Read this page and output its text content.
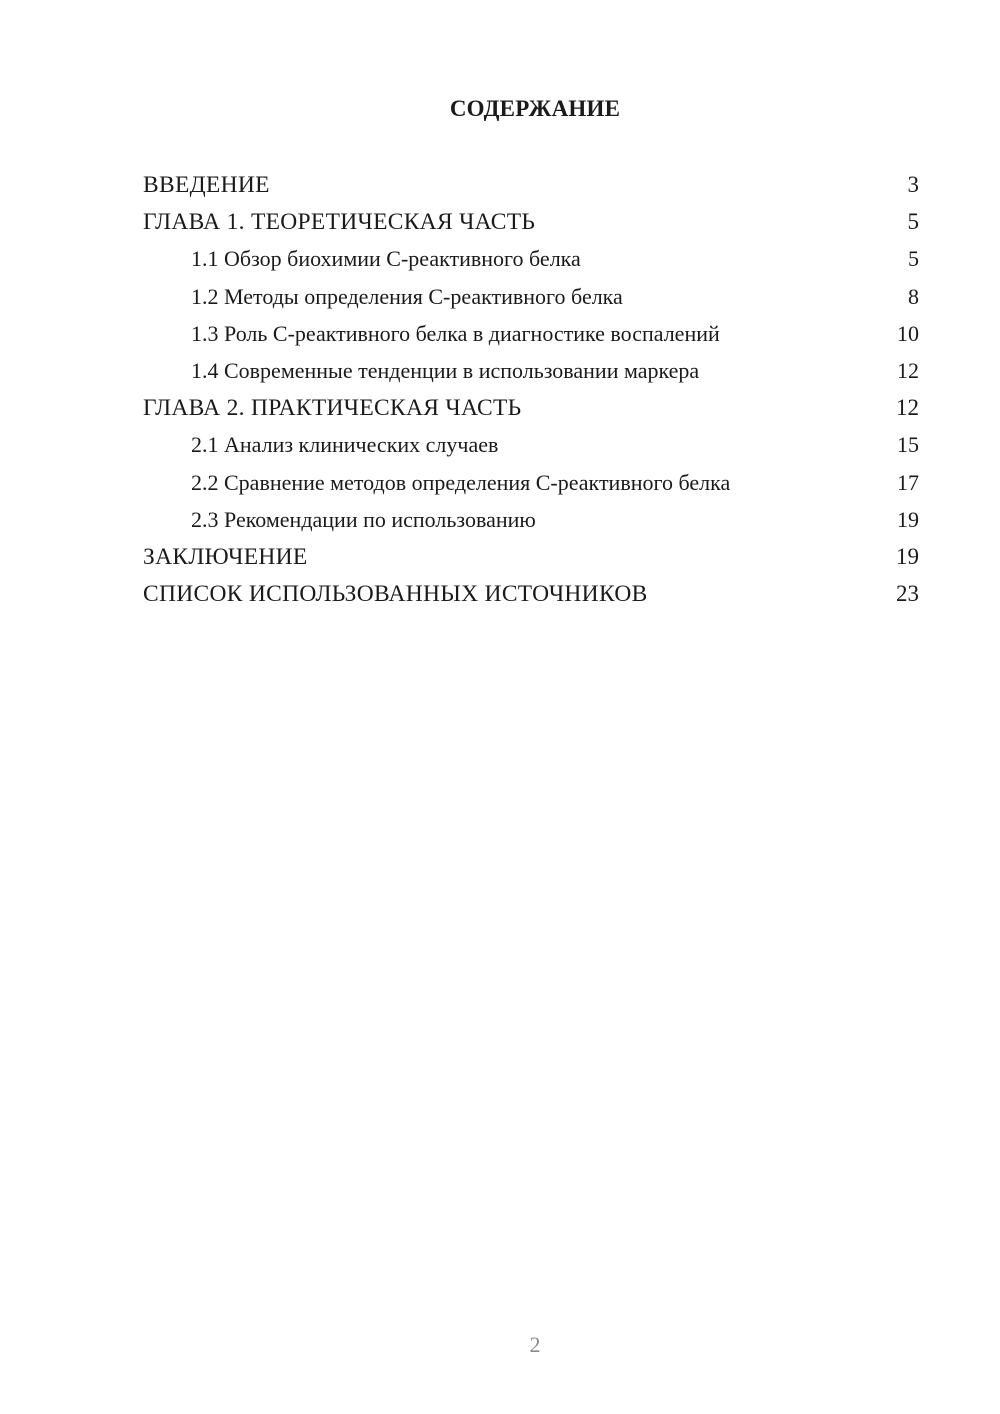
СОДЕРЖАНИЕ
ВВЕДЕНИЕ	3
ГЛАВА 1. ТЕОРЕТИЧЕСКАЯ ЧАСТЬ	5
1.1 Обзор биохимии С-реактивного белка	5
1.2 Методы определения С-реактивного белка	8
1.3 Роль С-реактивного белка в диагностике воспалений	10
1.4 Современные тенденции в использовании маркера	12
ГЛАВА 2. ПРАКТИЧЕСКАЯ ЧАСТЬ	12
2.1 Анализ клинических случаев	15
2.2 Сравнение методов определения С-реактивного белка	17
2.3 Рекомендации по использованию	19
ЗАКЛЮЧЕНИЕ	19
СПИСОК ИСПОЛЬЗОВАННЫХ ИСТОЧНИКОВ	23
2
